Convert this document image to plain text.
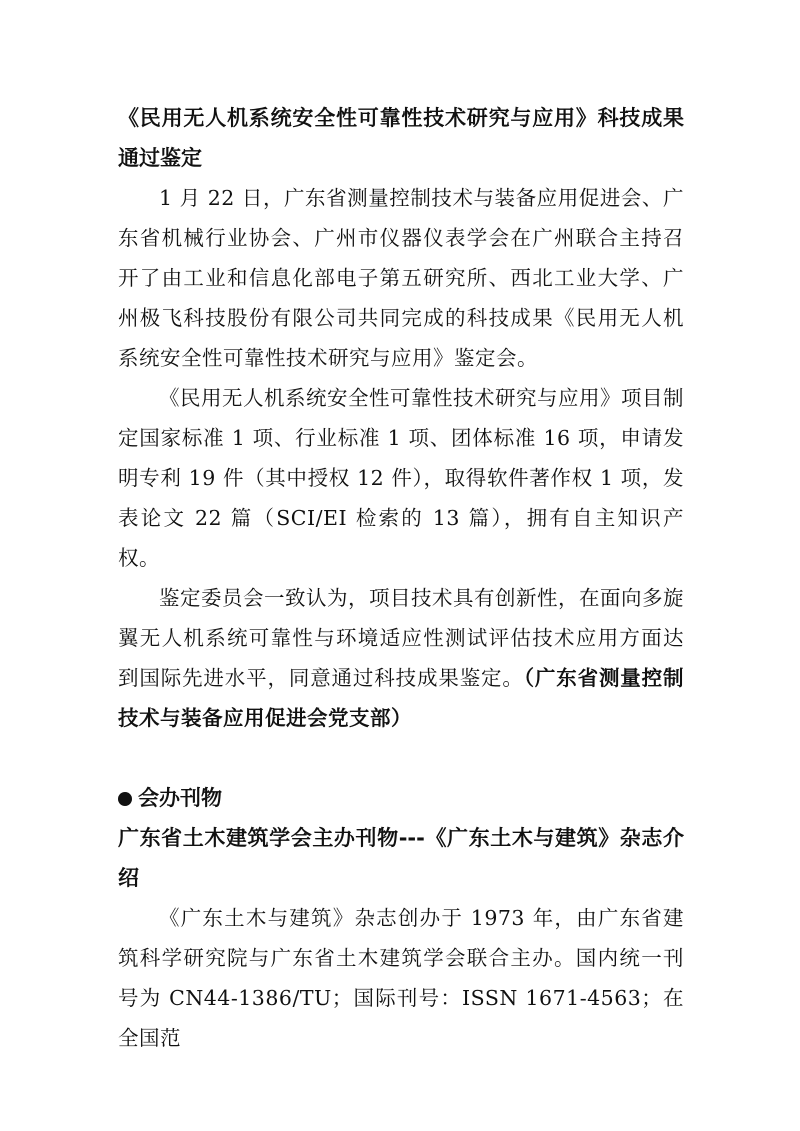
《民用无人机系统安全性可靠性技术研究与应用》科技成果通过鉴定

1 月 22 日，广东省测量控制技术与装备应用促进会、广东省机械行业协会、广州市仪器仪表学会在广州联合主持召开了由工业和信息化部电子第五研究所、西北工业大学、广州极飞科技股份有限公司共同完成的科技成果《民用无人机系统安全性可靠性技术研究与应用》鉴定会。

《民用无人机系统安全性可靠性技术研究与应用》项目制定国家标准 1 项、行业标准 1 项、团体标准 16 项，申请发明专利 19 件（其中授权 12 件），取得软件著作权 1 项，发表论文 22 篇（SCI/EI 检索的 13 篇），拥有自主知识产权。

鉴定委员会一致认为，项目技术具有创新性，在面向多旋翼无人机系统可靠性与环境适应性测试评估技术应用方面达到国际先进水平，同意通过科技成果鉴定。（广东省测量控制技术与装备应用促进会党支部）

会办刊物
广东省土木建筑学会主办刊物---《广东土木与建筑》杂志介绍

《广东土木与建筑》杂志创办于 1973 年，由广东省建筑科学研究院与广东省土木建筑学会联合主办。国内统一刊号为 CN44-1386/TU；国际刊号：ISSN 1671-4563；在全国范
